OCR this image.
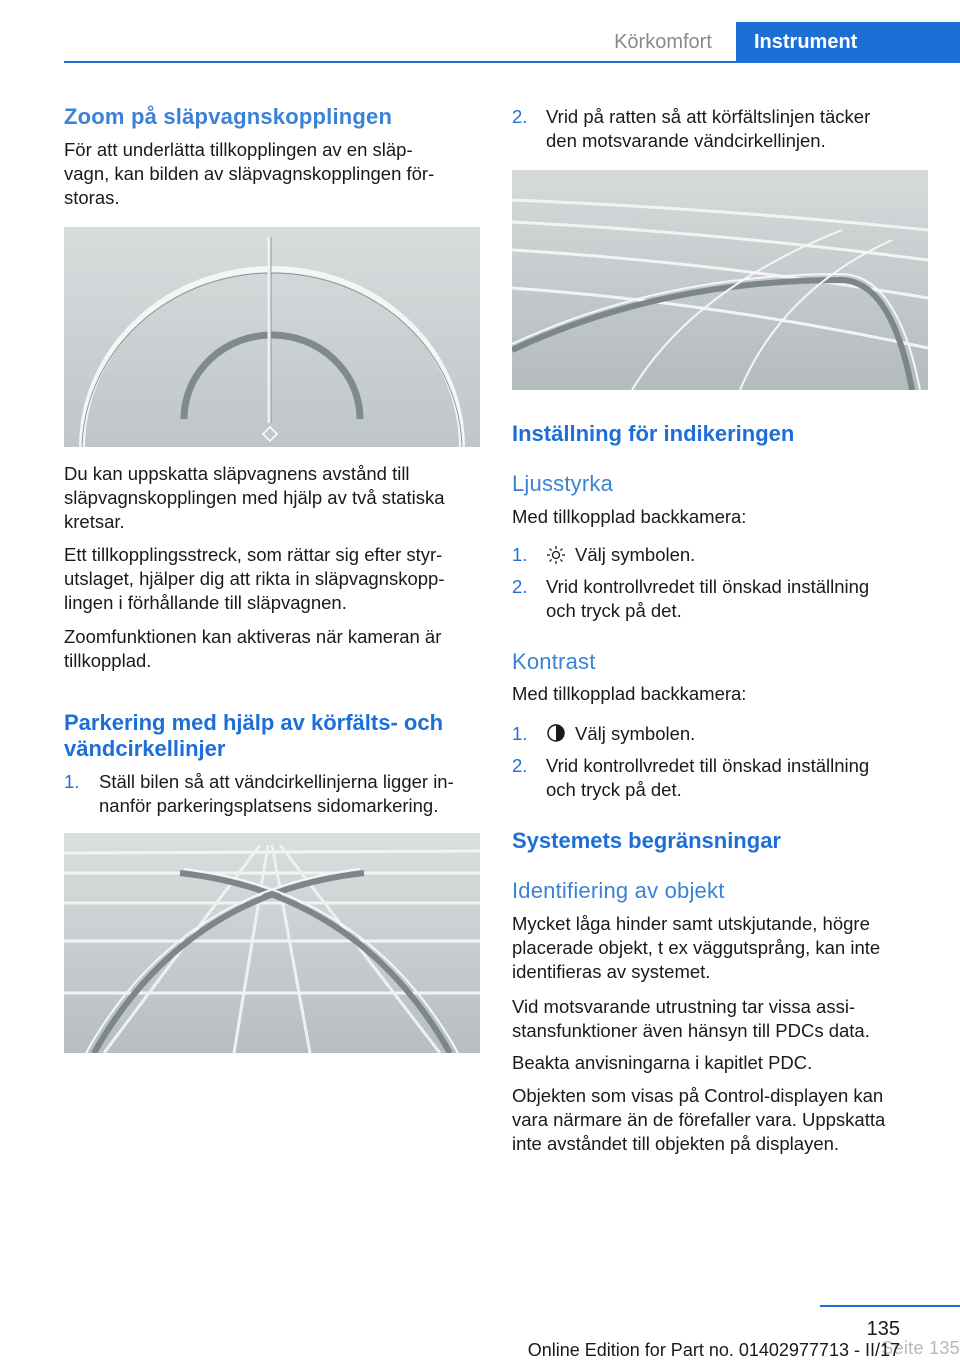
Körkomfort	Instrument
Zoom på släpvagnskopplingen
För att underlätta tillkopplingen av en släp-
vagn, kan bilden av släpvagnskopplingen för-
storas.
Du kan uppskatta släpvagnens avstånd till
släpvagnskopplingen med hjälp av två statiska
kretsar.
Ett tillkopplingsstreck, som rättar sig efter styr-
utslaget, hjälper dig att rikta in släpvagnskopp-
lingen i förhållande till släpvagnen.
Zoomfunktionen kan aktiveras när kameran är
tillkopplad.
Parkering med hjälp av körfälts- och
vändcirkellinjer
1. Ställ bilen så att vändcirkellinjerna ligger in-
nanför parkeringsplatsens sidomarkering.
2. Vrid på ratten så att körfältslinjen täcker
den motsvarande vändcirkellinjen.
Inställning för indikeringen
Ljusstyrka
Med tillkopplad backkamera:
1.	Välj symbolen.
2. Vrid kontrollvredet till önskad inställning
och tryck på det.
Kontrast
Med tillkopplad backkamera:
1.	Välj symbolen.
2. Vrid kontrollvredet till önskad inställning
och tryck på det.
Systemets begränsningar
Identifiering av objekt
Mycket låga hinder samt utskjutande, högre
placerade objekt, t ex väggutsprång, kan inte
identifieras av systemet.
Vid motsvarande utrustning tar vissa assi-
stansfunktioner även hänsyn till PDCs data.
Beakta anvisningarna i kapitlet PDC.
Objekten som visas på Control-displayen kan
vara närmare än de förefaller vara. Uppskatta
inte avståndet till objekten på displayen.
135
Seite 135
Online Edition for Part no. 01402977713 - II/17
